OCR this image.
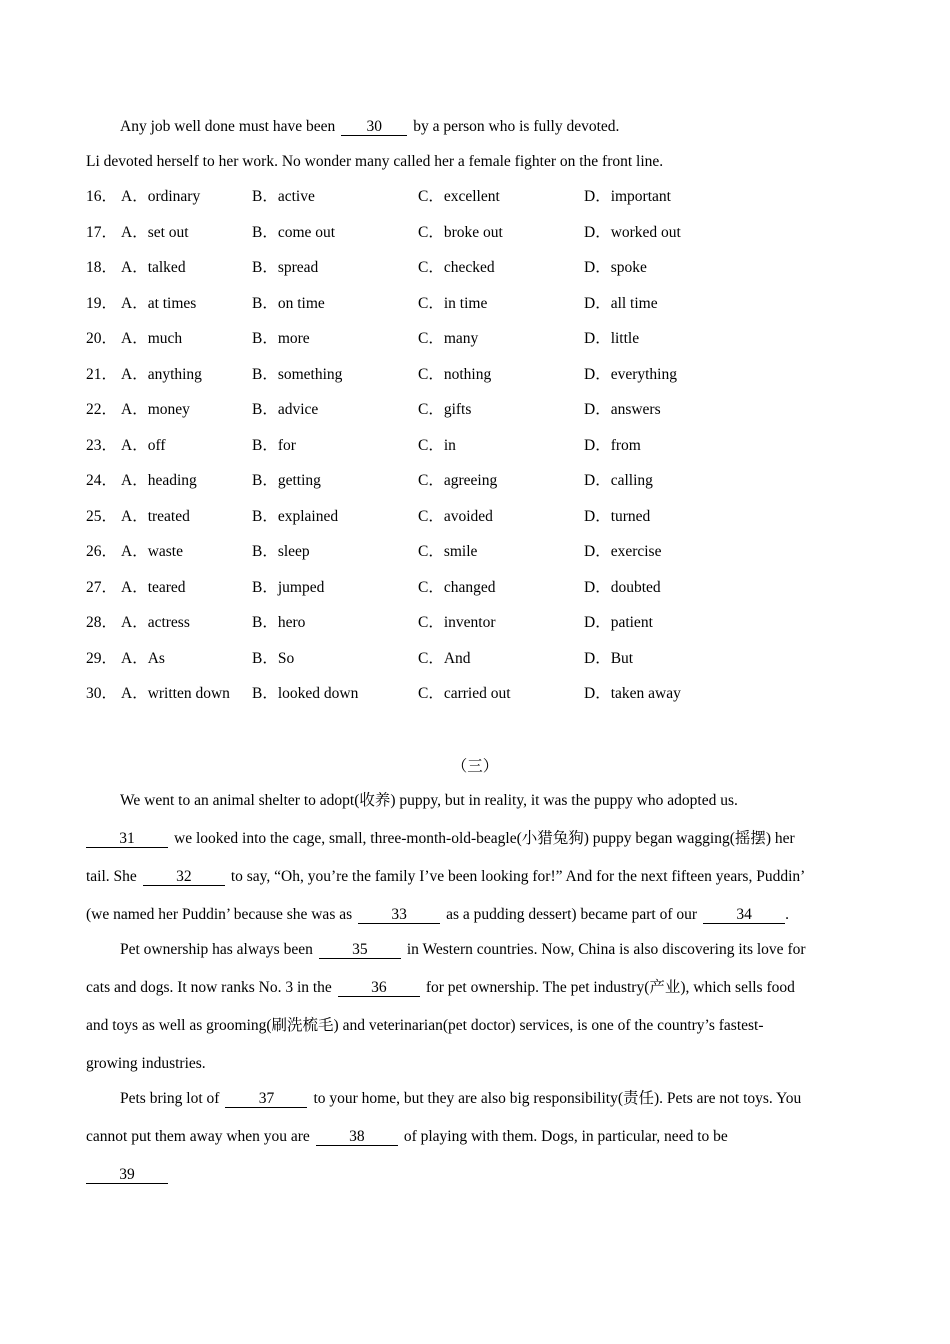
Any job well done must have been 30 by a person who is fully devoted.
Li devoted herself to her work. No wonder many called her a female fighter on the front line.
16． A．ordinary	B．active	C．excellent	D．important
17． A．set out	B．come out	C．broke out	D．worked out
18． A．talked	B．spread	C．checked	D．spoke
19． A．at times	B．on time	C．in time	D．all time
20． A．much	B．more	C．many	D．little
21． A．anything	B．something	C．nothing	D．everything
22． A．money	B．advice	C．gifts	D．answers
23． A．off	B．for	C．in	D．from
24． A．heading	B．getting	C．agreeing	D．calling
25． A．treated	B．explained	C．avoided	D．turned
26． A．waste	B．sleep	C．smile	D．exercise
27． A．teared	B．jumped	C．changed	D．doubted
28． A．actress	B．hero	C．inventor	D．patient
29． A．As	B．So	C．And	D．But
30． A．written down B．looked down	C．carried out	D．taken away
（三）
We went to an animal shelter to adopt(收养) puppy, but in reality, it was the puppy who adopted us.
31	we looked into the cage, small, three-month-old-beagle(小猎兔狗) puppy began wagging(摇摆) her
tail. She	32	to say, “Oh, you’re the family I’ve been looking for!” And for the next fifteen years, Puddin’
(we named her Puddin’ because she was as	33	as a pudding dessert) became part of our	34 .
Pet ownership has always been	35	in Western countries. Now, China is also discovering its love for
cats and dogs. It now ranks No. 3 in the	36	for pet ownership. The pet industry(产业), which sells food
and toys as well as grooming(刷洗梳毛) and veterinarian(pet doctor) services, is one of the country’s fastest-
growing industries.
Pets bring lot of	37	to your home, but they are also big responsibility(责任). Pets are not toys. You
cannot put them away when you are	38	of playing with them. Dogs, in particular, need to be
39
